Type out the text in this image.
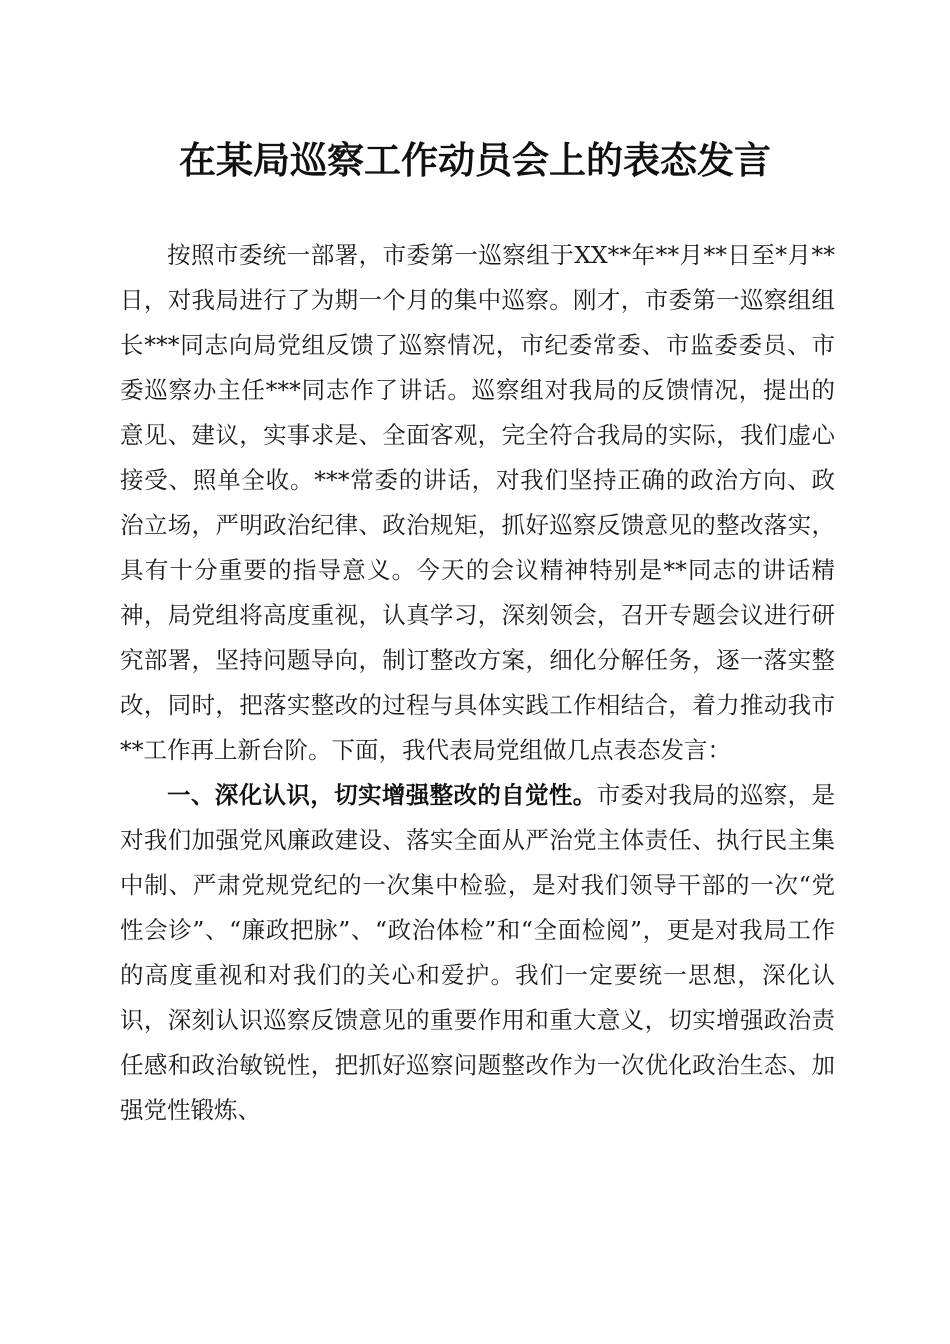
在某局巡察工作动员会上的表态发言

按照市委统一部署，市委第一巡察组于XX**年**月**日至*月**日，对我局进行了为期一个月的集中巡察。刚才，市委第一巡察组组长***同志向局党组反馈了巡察情况，市纪委常委、市监委委员、市委巡察办主任***同志作了讲话。巡察组对我局的反馈情况，提出的意见、建议，实事求是、全面客观，完全符合我局的实际，我们虚心接受、照单全收。***常委的讲话，对我们坚持正确的政治方向、政治立场，严明政治纪律、政治规矩，抓好巡察反馈意见的整改落实，具有十分重要的指导意义。今天的会议精神特别是**同志的讲话精神，局党组将高度重视，认真学习，深刻领会，召开专题会议进行研究部署，坚持问题导向，制订整改方案，细化分解任务，逐一落实整改，同时，把落实整改的过程与具体实践工作相结合，着力推动我市**工作再上新台阶。下面，我代表局党组做几点表态发言：

一、深化认识，切实增强整改的自觉性。市委对我局的巡察，是对我们加强党风廉政建设、落实全面从严治党主体责任、执行民主集中制、严肃党规党纪的一次集中检验，是对我们领导干部的一次“党性会诊”、“廉政把脉”、“政治体检”和“全面检阅”，更是对我局工作的高度重视和对我们的关心和爱护。我们一定要统一思想，深化认识，深刻认识巡察反馈意见的重要作用和重大意义，切实增强政治责任感和政治敏锐性，把抓好巡察问题整改作为一次优化政治生态、加强党性锻炼、
